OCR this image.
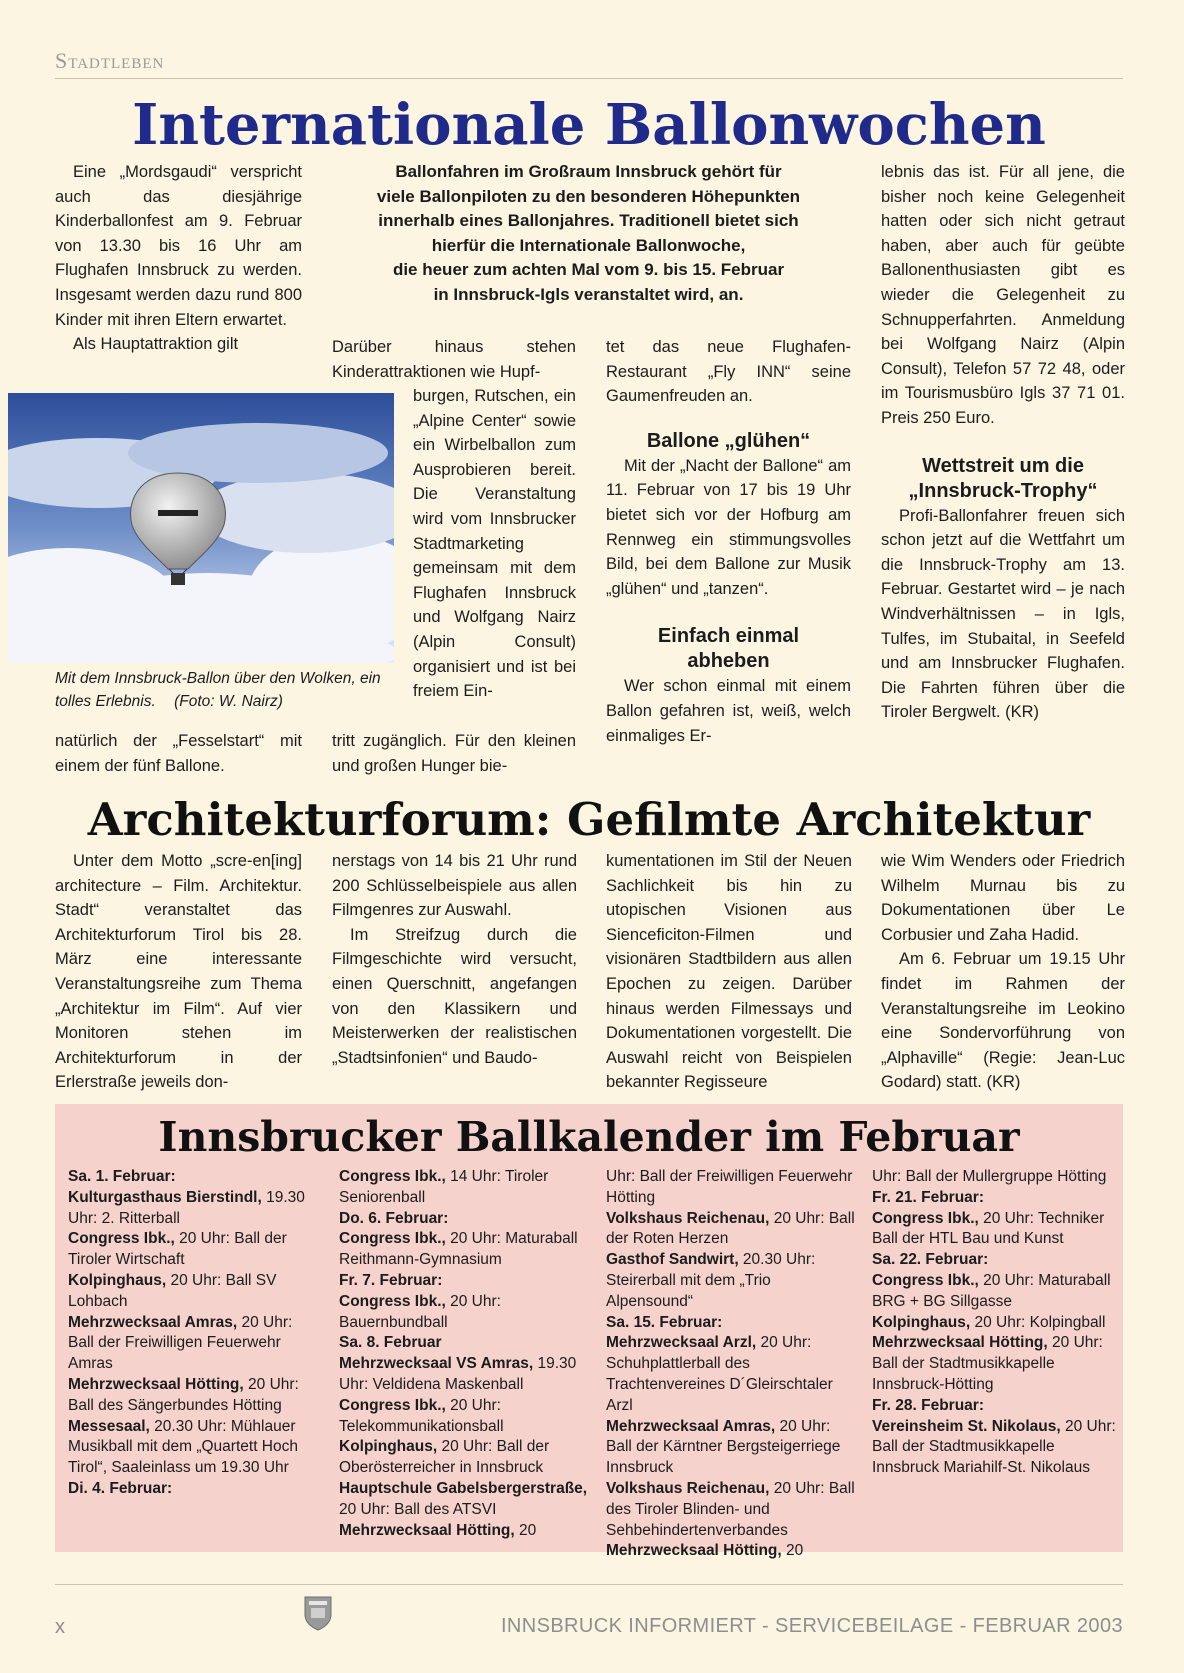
Stadtleben
Internationale Ballonwochen

Eine „Mordsgaudi“ verspricht auch das diesjährige Kinderballonfest am 9. Februar von 13.30 bis 16 Uhr am Flughafen Innsbruck zu werden. Insgesamt werden dazu rund 800 Kinder mit ihren Eltern erwartet.

Als Hauptattraktion gilt

Mit dem Innsbruck-Ballon über den Wolken, ein tolles Erlebnis. (Foto: W. Nairz)
natürlich der „Fesselstart“ mit einem der fünf Ballone.
Ballonfahren im Großraum Innsbruck gehört für
viele Ballonpiloten zu den besonderen Höhepunkten
innerhalb eines Ballonjahres. Traditionell bietet sich
hierfür die Internationale Ballonwoche,
die heuer zum achten Mal vom 9. bis 15. Februar
in Innsbruck-Igls veranstaltet wird, an.
Darüber hinaus stehen Kinderattraktionen wie Hupf-
burgen, Rutschen, ein „Alpine Center“ sowie ein Wirbelballon zum Ausprobieren bereit. Die Veranstaltung wird vom Innsbrucker Stadtmarketing gemeinsam mit dem Flughafen Innsbruck und Wolfgang Nairz (Alpin Consult) organisiert und ist bei freiem Ein-
tritt zugänglich. Für den kleinen und großen Hunger bie-

tet das neue Flughafen-Restaurant „Fly INN“ seine Gaumenfreuden an.

Ballone „glühen“

Mit der „Nacht der Ballone“ am 11. Februar von 17 bis 19 Uhr bietet sich vor der Hofburg am Rennweg ein stimmungsvolles Bild, bei dem Ballone zur Musik „glühen“ und „tanzen“.

Einfach einmal abheben

Wer schon einmal mit einem Ballon gefahren ist, weiß, welch einmaliges Er-

lebnis das ist. Für all jene, die bisher noch keine Gelegenheit hatten oder sich nicht getraut haben, aber auch für geübte Ballonenthusiasten gibt es wieder die Gelegenheit zu Schnupperfahrten. Anmeldung bei Wolfgang Nairz (Alpin Consult), Telefon 57 72 48, oder im Tourismusbüro Igls 37 71 01. Preis 250 Euro.

Wettstreit um die „Innsbruck-Trophy“

Profi-Ballonfahrer freuen sich schon jetzt auf die Wettfahrt um die Innsbruck-Trophy am 13. Februar. Gestartet wird – je nach Windverhältnissen – in Igls, Tulfes, im Stubaital, in Seefeld und am Innsbrucker Flughafen. Die Fahrten führen über die Tiroler Bergwelt. (KR)

Architekturforum: Gefilmte Architektur

Unter dem Motto „scre-en[ing] architecture – Film. Architektur. Stadt“ veranstaltet das Architekturforum Tirol bis 28. März eine interessante Veranstaltungsreihe zum Thema „Architektur im Film“. Auf vier Monitoren stehen im Architekturforum in der Erlerstraße jeweils don-

nerstags von 14 bis 21 Uhr rund 200 Schlüsselbeispiele aus allen Filmgenres zur Auswahl.

Im Streifzug durch die Filmgeschichte wird versucht, einen Querschnitt, angefangen von den Klassikern und Meisterwerken der realistischen „Stadtsinfonien“ und Baudo-

kumentationen im Stil der Neuen Sachlichkeit bis hin zu utopischen Visionen aus Sienceficiton-Filmen und visionären Stadtbildern aus allen Epochen zu zeigen. Darüber hinaus werden Filmessays und Dokumentationen vorgestellt. Die Auswahl reicht von Beispielen bekannter Regisseure

wie Wim Wenders oder Friedrich Wilhelm Murnau bis zu Dokumentationen über Le Corbusier und Zaha Hadid.

Am 6. Februar um 19.15 Uhr findet im Rahmen der Veranstaltungsreihe im Leokino eine Sondervorführung von „Alphaville“ (Regie: Jean-Luc Godard) statt. (KR)

Innsbrucker Ballkalender im Februar
Sa. 1. Februar:
Kulturgasthaus Bierstindl, 19.30 Uhr: 2. Ritterball
Congress Ibk., 20 Uhr: Ball der Tiroler Wirtschaft
Kolpinghaus, 20 Uhr: Ball SV Lohbach
Mehrzwecksaal Amras, 20 Uhr: Ball der Freiwilligen Feuerwehr Amras
Mehrzwecksaal Hötting, 20 Uhr: Ball des Sängerbundes Hötting
Messesaal, 20.30 Uhr: Mühlauer Musikball mit dem „Quartett Hoch Tirol“, Saaleinlass um 19.30 Uhr
Di. 4. Februar:
Congress Ibk., 14 Uhr: Tiroler Seniorenball
Do. 6. Februar:
Congress Ibk., 20 Uhr: Maturaball Reithmann-Gymnasium
Fr. 7. Februar:
Congress Ibk., 20 Uhr: Bauernbundball
Sa. 8. Februar
Mehrzwecksaal VS Amras, 19.30 Uhr: Veldidena Maskenball
Congress Ibk., 20 Uhr: Telekommunikationsball
Kolpinghaus, 20 Uhr: Ball der Oberösterreicher in Innsbruck
Hauptschule Gabelsbergerstraße, 20 Uhr: Ball des ATSVI
Mehrzwecksaal Hötting, 20
Uhr: Ball der Freiwilligen Feuerwehr Hötting
Volkshaus Reichenau, 20 Uhr: Ball der Roten Herzen
Gasthof Sandwirt, 20.30 Uhr: Steirerball mit dem „Trio Alpensound“
Sa. 15. Februar:
Mehrzwecksaal Arzl, 20 Uhr: Schuhplattlerball des Trachtenvereines D´Gleirschtaler Arzl
Mehrzwecksaal Amras, 20 Uhr: Ball der Kärntner Bergsteigerriege Innsbruck
Volkshaus Reichenau, 20 Uhr: Ball des Tiroler Blinden- und Sehbehindertenverbandes
Mehrzwecksaal Hötting, 20
Uhr: Ball der Mullergruppe Hötting
Fr. 21. Februar:
Congress Ibk., 20 Uhr: Techniker Ball der HTL Bau und Kunst
Sa. 22. Februar:
Congress Ibk., 20 Uhr: Maturaball BRG + BG Sillgasse
Kolpinghaus, 20 Uhr: Kolpingball
Mehrzwecksaal Hötting, 20 Uhr: Ball der Stadtmusikkapelle Innsbruck-Hötting
Fr. 28. Februar:
Vereinsheim St. Nikolaus, 20 Uhr: Ball der Stadtmusikkapelle Innsbruck Mariahilf-St. Nikolaus
x	INNSBRUCK INFORMIERT - SERVICEBEILAGE - FEBRUAR 2003
